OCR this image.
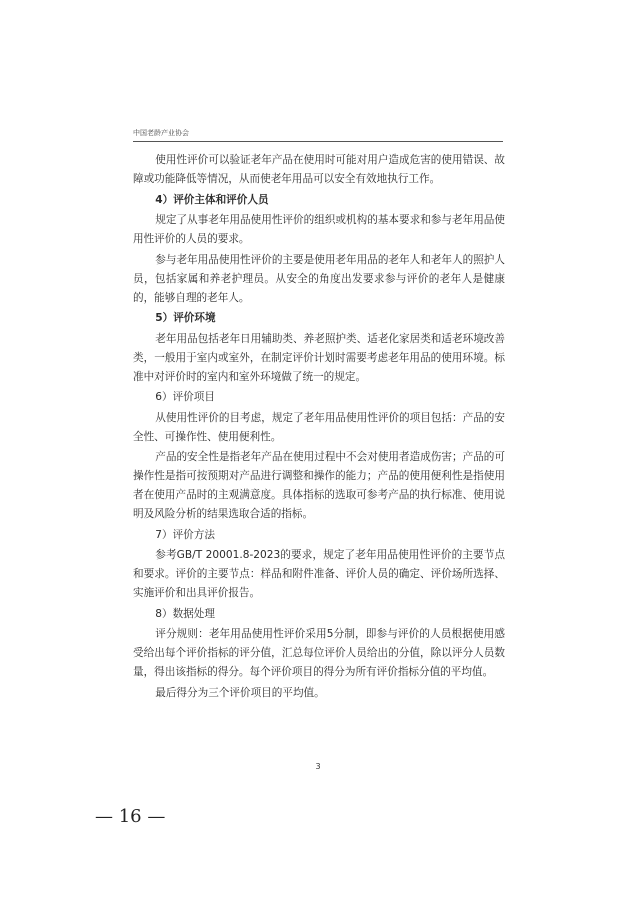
中国老龄产业协会

使用性评价可以验证老年产品在使用时可能对用户造成危害的使用错误、故障或功能降低等情况，从而使老年用品可以安全有效地执行工作。

4）评价主体和评价人员

规定了从事老年用品使用性评价的组织或机构的基本要求和参与老年用品使用性评价的人员的要求。

参与老年用品使用性评价的主要是使用老年用品的老年人和老年人的照护人员，包括家属和养老护理员。从安全的角度出发要求参与评价的老年人是健康的，能够自理的老年人。

5）评价环境

老年用品包括老年日用辅助类、养老照护类、适老化家居类和适老环境改善类，一般用于室内或室外，在制定评价计划时需要考虑老年用品的使用环境。标准中对评价时的室内和室外环境做了统一的规定。

6）评价项目

从使用性评价的目考虑，规定了老年用品使用性评价的项目包括：产品的安全性、可操作性、使用便利性。

产品的安全性是指老年产品在使用过程中不会对使用者造成伤害；产品的可操作性是指可按预期对产品进行调整和操作的能力；产品的使用便利性是指使用者在使用产品时的主观满意度。具体指标的选取可参考产品的执行标准、使用说明及风险分析的结果选取合适的指标。

7）评价方法

参考GB/T 20001.8-2023的要求，规定了老年用品使用性评价的主要节点和要求。评价的主要节点：样品和附件准备、评价人员的确定、评价场所选择、实施评价和出具评价报告。

8）数据处理

评分规则：老年用品使用性评价采用5分制，即参与评价的人员根据使用感受给出每个评价指标的评分值，汇总每位评价人员给出的分值，除以评分人员数量，得出该指标的得分。每个评价项目的得分为所有评价指标分值的平均值。

最后得分为三个评价项目的平均值。

3
— 16 —
